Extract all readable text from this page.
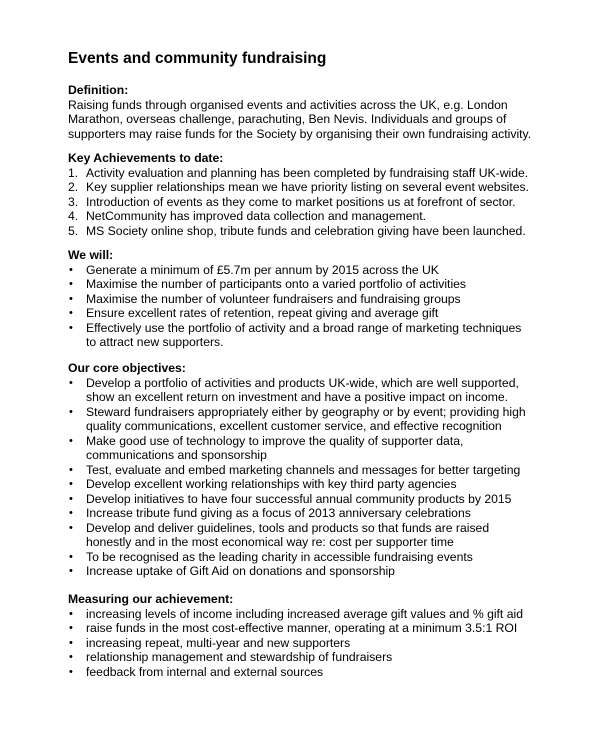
Events and community fundraising
Definition:
Raising funds through organised events and activities across the UK, e.g. London
Marathon, overseas challenge, parachuting, Ben Nevis. Individuals and groups of
supporters may raise funds for the Society by organising their own fundraising activity.
Key Achievements to date:
1. Activity evaluation and planning has been completed by fundraising staff UK-wide.
2. Key supplier relationships mean we have priority listing on several event websites.
3. Introduction of events as they come to market positions us at forefront of sector.
4. NetCommunity has improved data collection and management.
5. MS Society online shop, tribute funds and celebration giving have been launched.
We will:
• Generate a minimum of £5.7m per annum by 2015 across the UK
• Maximise the number of participants onto a varied portfolio of activities
• Maximise the number of volunteer fundraisers and fundraising groups
• Ensure excellent rates of retention, repeat giving and average gift
• Effectively use the portfolio of activity and a broad range of marketing techniques
to attract new supporters.
Our core objectives:
• Develop a portfolio of activities and products UK-wide, which are well supported,
show an excellent return on investment and have a positive impact on income.
• Steward fundraisers appropriately either by geography or by event; providing high
quality communications, excellent customer service, and effective recognition
• Make good use of technology to improve the quality of supporter data,
communications and sponsorship
• Test, evaluate and embed marketing channels and messages for better targeting
• Develop excellent working relationships with key third party agencies
• Develop initiatives to have four successful annual community products by 2015
• Increase tribute fund giving as a focus of 2013 anniversary celebrations
• Develop and deliver guidelines, tools and products so that funds are raised
honestly and in the most economical way re: cost per supporter time
• To be recognised as the leading charity in accessible fundraising events
• Increase uptake of Gift Aid on donations and sponsorship
Measuring our achievement:
• increasing levels of income including increased average gift values and % gift aid
• raise funds in the most cost-effective manner, operating at a minimum 3.5:1 ROI
• increasing repeat, multi-year and new supporters
• relationship management and stewardship of fundraisers
• feedback from internal and external sources
